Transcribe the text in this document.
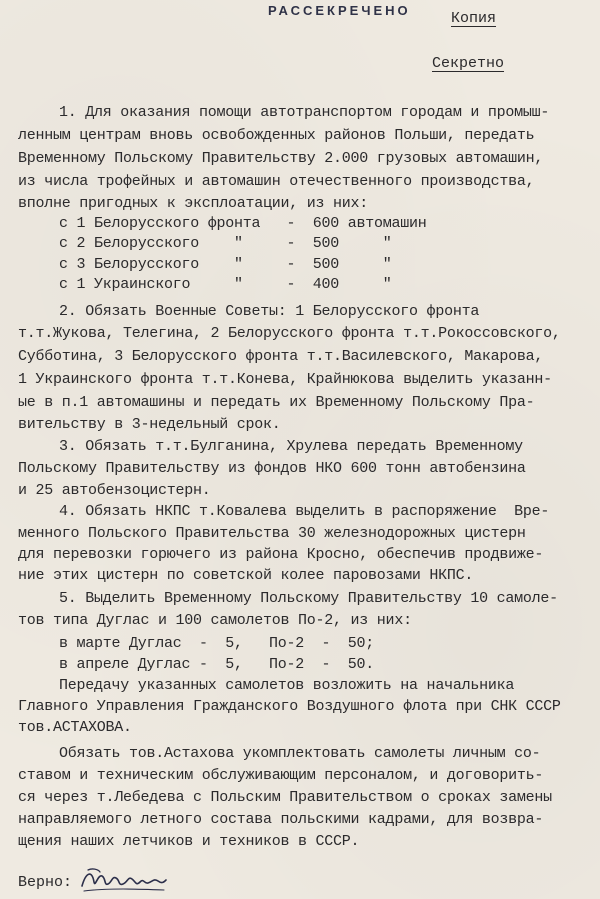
РАССЕКРЕЧЕНО	Копия
Секретно
1. Для оказания помощи автотранспортом городам и промыш-
ленным центрам вновь освобожденных районов Польши, передать
Временному Польскому Правительству 2.000 грузовых автомашин,
из числа трофейных и автомашин отечественного производства,
вполне пригодных к эксплоатации, из них:
с 1 Белорусского фронта   -  600 автомашин
с 2 Белорусского    "     -  500     "
с 3 Белорусского    "     -  500     "
с 1 Украинского     "     -  400     "
2. Обязать Военные Советы: 1 Белорусского фронта
т.т.Жукова, Телегина, 2 Белорусского фронта т.т.Рокоссовского,
Субботина, 3 Белорусского фронта т.т.Василевского, Макарова,
1 Украинского фронта т.т.Конева, Крайнюкова выделить указанн-
ые в п.1 автомашины и передать их Временному Польскому Пра-
вительству в 3-недельный срок.
3. Обязать т.т.Булганина, Хрулева передать Временному
Польскому Правительству из фондов НКО 600 тонн автобензина
и 25 автобензоцистерн.
4. Обязать НКПС т.Ковалева выделить в распоряжение  Вре-
менного Польского Правительства 30 железнодорожных цистерн
для перевозки горючего из района Кросно, обеспечив продвиже-
ние этих цистерн по советской колее паровозами НКПС.
5. Выделить Временному Польскому Правительству 10 самоле-
тов типа Дуглас и 100 самолетов По-2, из них:
в марте Дуглас  -  5,   По-2  -  50;
в апреле Дуглас -  5,   По-2  -  50.
Передачу указанных самолетов возложить на начальника
Главного Управления Гражданского Воздушного флота при СНК СССР
тов.АСТАХОВА.
Обязать тов.Астахова укомплектовать самолеты личным со-
ставом и техническим обслуживающим персоналом, и договорить-
ся через т.Лебедева с Польским Правительством о сроках замены
направляемого летного состава польскими кадрами, для возвра-
щения наших летчиков и техников в СССР.
Верно:
